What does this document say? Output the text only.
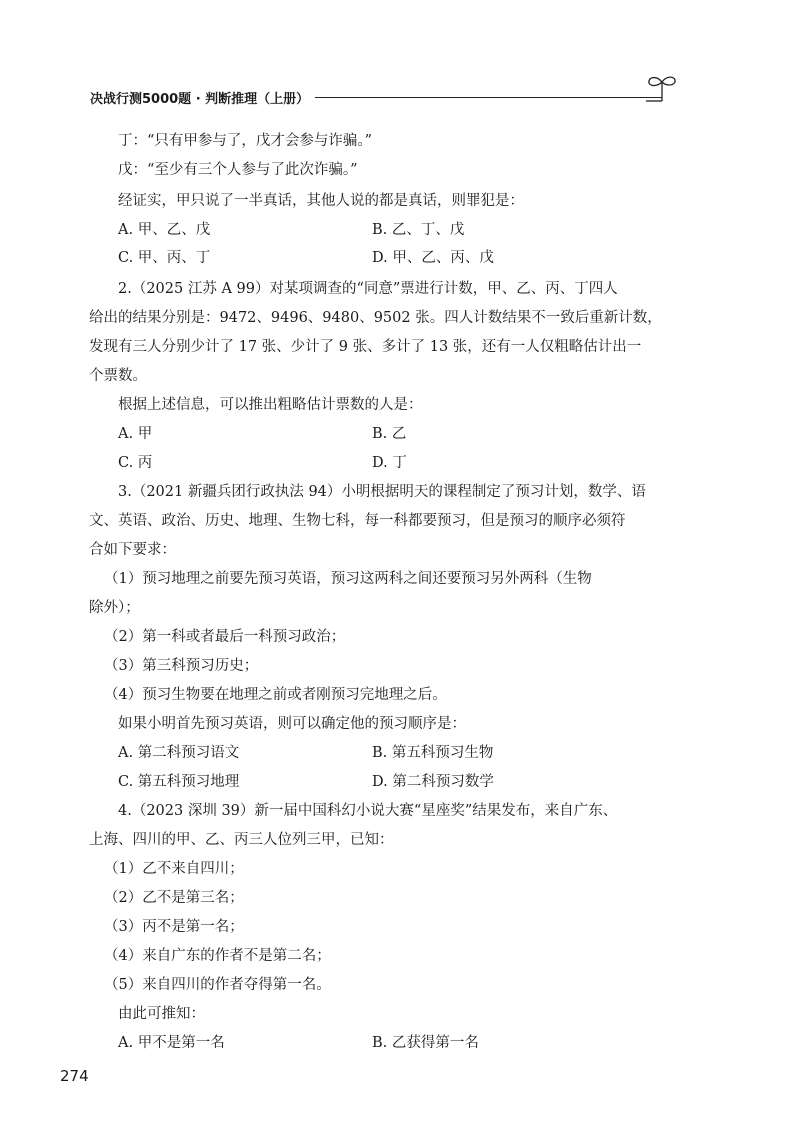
决战行测5000题 · 判断推理（上册）
丁：“只有甲参与了，戊才会参与诈骗。”
戊：“至少有三个人参与了此次诈骗。”
经证实，甲只说了一半真话，其他人说的都是真话，则罪犯是：
A. 甲、乙、戊	B. 乙、丁、戊
C. 甲、丙、丁	D. 甲、乙、丙、戊
2.（2025 江苏 A 99）对某项调查的“同意”票进行计数，甲、乙、丙、丁四人
给出的结果分别是：9472、9496、9480、9502 张。四人计数结果不一致后重新计数，
发现有三人分别少计了 17 张、少计了 9 张、多计了 13 张，还有一人仅粗略估计出一
个票数。
根据上述信息，可以推出粗略估计票数的人是：
A. 甲	B. 乙
C. 丙	D. 丁
3.（2021 新疆兵团行政执法 94）小明根据明天的课程制定了预习计划，数学、语
文、英语、政治、历史、地理、生物七科，每一科都要预习，但是预习的顺序必须符
合如下要求：
（1）预习地理之前要先预习英语，预习这两科之间还要预习另外两科（生物
除外）；
（2）第一科或者最后一科预习政治；
（3）第三科预习历史；
（4）预习生物要在地理之前或者刚预习完地理之后。
如果小明首先预习英语，则可以确定他的预习顺序是：
A. 第二科预习语文	B. 第五科预习生物
C. 第五科预习地理	D. 第二科预习数学
4.（2023 深圳 39）新一届中国科幻小说大赛“星座奖”结果发布，来自广东、
上海、四川的甲、乙、丙三人位列三甲，已知：
（1）乙不来自四川；
（2）乙不是第三名；
（3）丙不是第一名；
（4）来自广东的作者不是第二名；
（5）来自四川的作者夺得第一名。
由此可推知：
A. 甲不是第一名	B. 乙获得第一名
274
